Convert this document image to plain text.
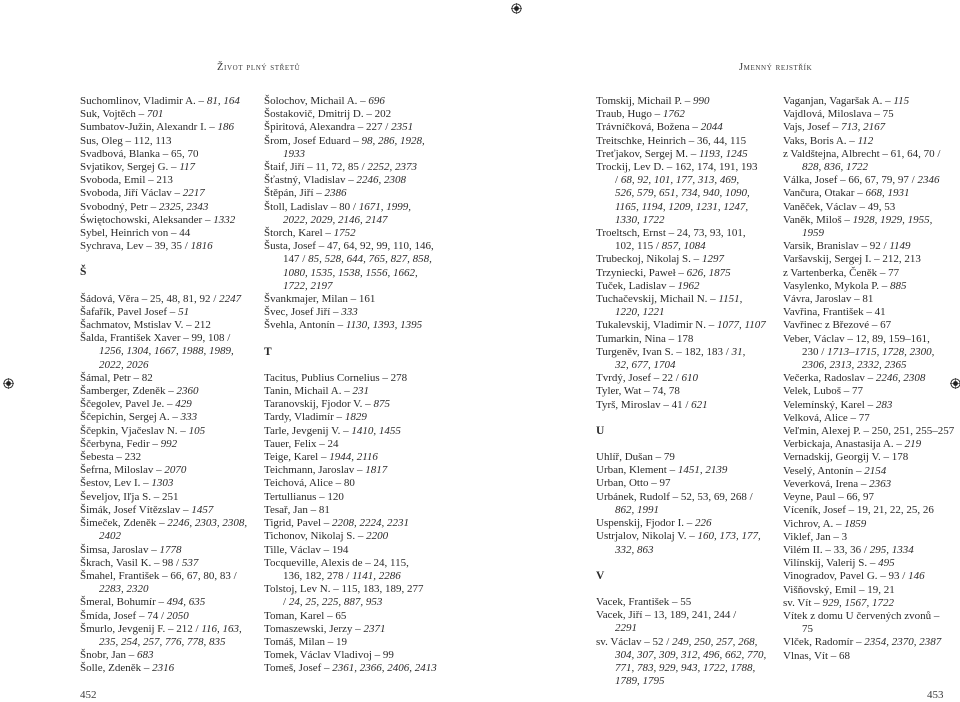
Život plný střetů	Jmenný rejstřík
Suchomlinov, Vladimir A. – 81, 164
Suk, Vojtěch – 701
Sumbatov-Južin, Alexandr I. – 186
Sus, Oleg – 112, 113
Svadbová, Blanka – 65, 70
Svjatikov, Sergej G. – 117
Svoboda, Emil – 213
Svoboda, Jiří Václav – 2217
Svobodný, Petr – 2325, 2343
Świętochowski, Aleksander – 1332
Sybel, Heinrich von – 44
Sychrava, Lev – 39, 35 / 1816
Š
Šádová, Věra – 25, 48, 81, 92 / 2247
Šafařík, Pavel Josef – 51
Šachmatov, Mstislav V. – 212
Šalda, František Xaver – 99, 108 /
1256, 1304, 1667, 1988, 1989,
2022, 2026
Šámal, Petr – 82
Šamberger, Zdeněk – 2360
Ščegolev, Pavel Je. – 429
Ščepichin, Sergej A. – 333
Ščepkin, Vjačeslav N. – 105
Ščerbyna, Fedir – 992
Šebesta – 232
Šefrna, Miloslav – 2070
Šestov, Lev I. – 1303
Ševeljov, Iľja S. – 251
Šimák, Josef Vítězslav – 1457
Šimeček, Zdeněk – 2246, 2303, 2308,
2402
Šimsa, Jaroslav – 1778
Škrach, Vasil K. – 98 / 537
Šmahel, František – 66, 67, 80, 83 /
2283, 2320
Šmeral, Bohumír – 494, 635
Šmída, Josef – 74 / 2050
Šmurlo, Jevgenij F. – 212 / 116, 163,
235, 254, 257, 776, 778, 835
Šnobr, Jan – 683
Šolle, Zdeněk – 2316
Šolochov, Michail A. – 696
Šostakovič, Dmitrij D. – 202
Špiritová, Alexandra – 227 / 2351
Šrom, Josef Eduard – 98, 286, 1928,
1933
Štaif, Jiří – 11, 72, 85 / 2252, 2373
Šťastný, Vladislav – 2246, 2308
Štěpán, Jiří – 2386
Štoll, Ladislav – 80 / 1671, 1999,
2022, 2029, 2146, 2147
Štorch, Karel – 1752
Šusta, Josef – 47, 64, 92, 99, 110, 146,
147 / 85, 528, 644, 765, 827, 858,
1080, 1535, 1538, 1556, 1662,
1722, 2197
Švankmajer, Milan – 161
Švec, Josef Jiří – 333
Švehla, Antonín – 1130, 1393, 1395
T
Tacitus, Publius Cornelius – 278
Tanin, Michail A. – 231
Taranovskij, Fjodor V. – 875
Tardy, Vladimír – 1829
Tarle, Jevgenij V. – 1410, 1455
Tauer, Felix – 24
Teige, Karel – 1944, 2116
Teichmann, Jaroslav – 1817
Teichová, Alice – 80
Tertullianus – 120
Tesař, Jan – 81
Tigrid, Pavel – 2208, 2224, 2231
Tichonov, Nikolaj S. – 2200
Tille, Václav – 194
Tocqueville, Alexis de – 24, 115,
136, 182, 278 / 1141, 2286
Tolstoj, Lev N. – 115, 183, 189, 277
/ 24, 25, 225, 887, 953
Toman, Karel – 65
Tomaszewski, Jerzy – 2371
Tomáš, Milan – 19
Tomek, Václav Vladivoj – 99
Tomeš, Josef – 2361, 2366, 2406, 2413
Tomskij, Michail P. – 990
Traub, Hugo – 1762
Trávníčková, Božena – 2044
Treitschke, Heinrich – 36, 44, 115
Treťjakov, Sergej M. – 1193, 1245
Trockij, Lev D. – 162, 174, 191, 193
/ 68, 92, 101, 177, 313, 469,
526, 579, 651, 734, 940, 1090,
1165, 1194, 1209, 1231, 1247,
1330, 1722
Troeltsch, Ernst – 24, 73, 93, 101,
102, 115 / 857, 1084
Trubeckoj, Nikolaj S. – 1297
Trzyniecki, Paweł – 626, 1875
Tuček, Ladislav – 1962
Tuchačevskij, Michail N. – 1151,
1220, 1221
Tukalevskij, Vladimir N. – 1077, 1107
Tumarkin, Nina – 178
Turgeněv, Ivan S. – 182, 183 / 31,
32, 677, 1704
Tvrdý, Josef – 22 / 610
Tyler, Wat – 74, 78
Tyrš, Miroslav – 41 / 621
U
Uhlíř, Dušan – 79
Urban, Klement – 1451, 2139
Urban, Otto – 97
Urbánek, Rudolf – 52, 53, 69, 268 /
862, 1991
Uspenskij, Fjodor I. – 226
Ustrjalov, Nikolaj V. – 160, 173, 177,
332, 863
V
Vacek, František – 55
Vacek, Jiří – 13, 189, 241, 244 /
2291
sv. Václav – 52 / 249, 250, 257, 268,
304, 307, 309, 312, 496, 662, 770,
771, 783, 929, 943, 1722, 1788,
1789, 1795
Vaganjan, Vagaršak A. – 115
Vajdlová, Miloslava – 75
Vajs, Josef – 713, 2167
Vaks, Boris A. – 112
z Valdštejna, Albrecht – 61, 64, 70 /
828, 836, 1722
Válka, Josef – 66, 67, 79, 97 / 2346
Vančura, Otakar – 668, 1931
Vaněček, Václav – 49, 53
Vaněk, Miloš – 1928, 1929, 1955,
1959
Varsik, Branislav – 92 / 1149
Varšavskij, Sergej I. – 212, 213
z Vartenberka, Čeněk – 77
Vasylenko, Mykola P. – 885
Vávra, Jaroslav – 81
Vavřina, František – 41
Vavřinec z Březové – 67
Veber, Václav – 12, 89, 159–161,
230 / 1713–1715, 1728, 2300,
2306, 2313, 2332, 2365
Večerka, Radoslav – 2246, 2308
Velek, Luboš – 77
Velemínský, Karel – 283
Velková, Alice – 77
Veľmin, Alexej P. – 250, 251, 255–257
Verbickaja, Anastasija A. – 219
Vernadskij, Georgij V. – 178
Veselý, Antonín – 2154
Veverková, Irena – 2363
Veyne, Paul – 66, 97
Víceník, Josef – 19, 21, 22, 25, 26
Vichrov, A. – 1859
Viklef, Jan – 3
Vilém II. – 33, 36 / 295, 1334
Vilínskij, Valerij S. – 495
Vinogradov, Pavel G. – 93 / 146
Višňovský, Emil – 19, 21
sv. Vít – 929, 1567, 1722
Vítek z domu U červených zvonů –
75
Vlček, Radomír – 2354, 2370, 2387
Vlnas, Vít – 68
452	453
